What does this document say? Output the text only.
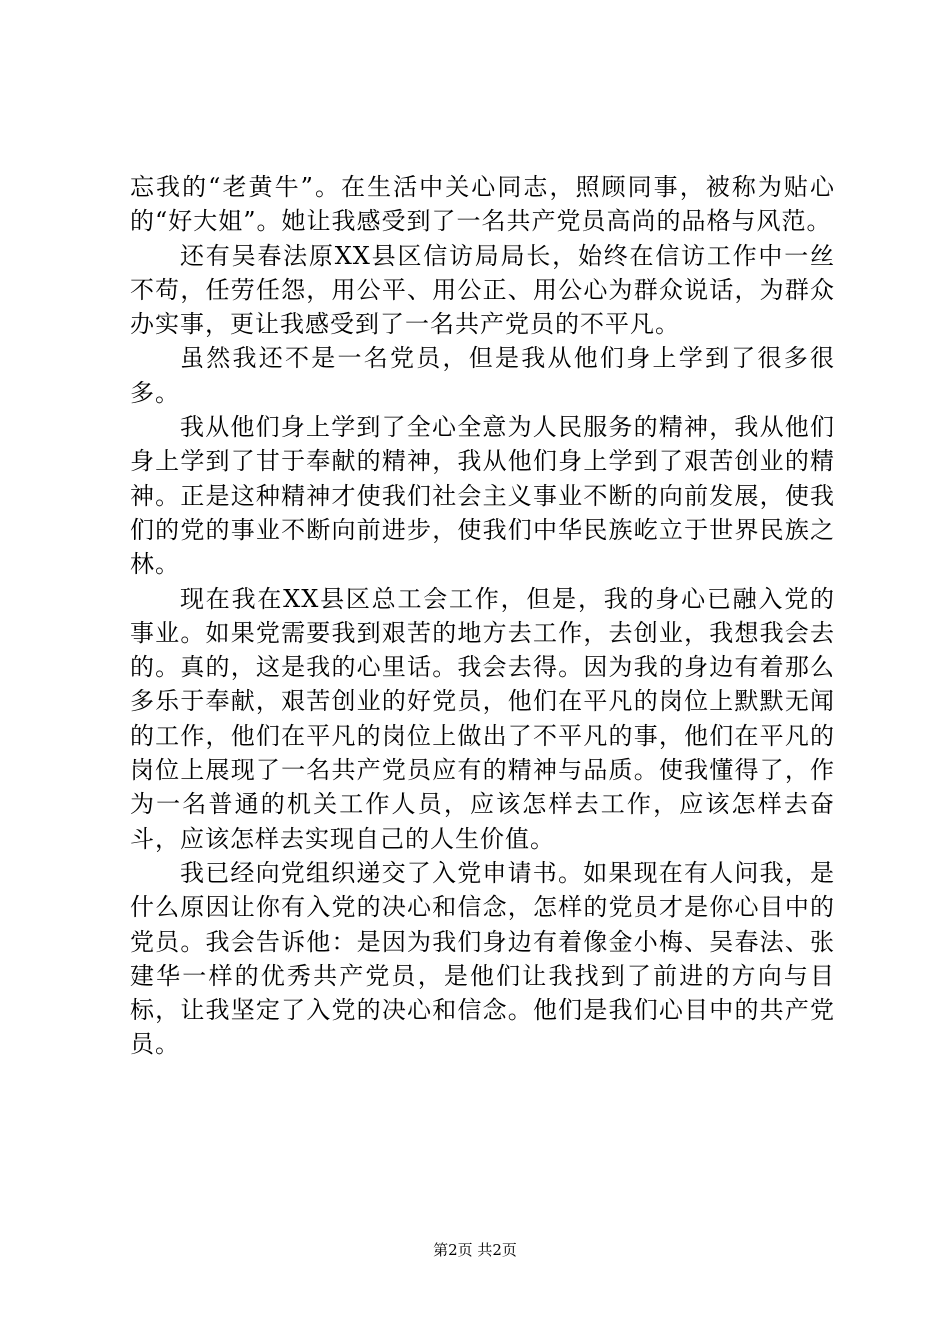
忘我的“老黄牛”。在生活中关心同志，照顾同事，被称为贴心的“好大姐”。她让我感受到了一名共产党员高尚的品格与风范。

还有吴春法原XX县区信访局局长，始终在信访工作中一丝不苟，任劳任怨，用公平、用公正、用公心为群众说话，为群众办实事，更让我感受到了一名共产党员的不平凡。

虽然我还不是一名党员，但是我从他们身上学到了很多很多。

我从他们身上学到了全心全意为人民服务的精神，我从他们身上学到了甘于奉献的精神，我从他们身上学到了艰苦创业的精神。正是这种精神才使我们社会主义事业不断的向前发展，使我们的党的事业不断向前进步，使我们中华民族屹立于世界民族之林。

现在我在XX县区总工会工作，但是，我的身心已融入党的事业。如果党需要我到艰苦的地方去工作，去创业，我想我会去的。真的，这是我的心里话。我会去得。因为我的身边有着那么多乐于奉献，艰苦创业的好党员，他们在平凡的岗位上默默无闻的工作，他们在平凡的岗位上做出了不平凡的事，他们在平凡的岗位上展现了一名共产党员应有的精神与品质。使我懂得了，作为一名普通的机关工作人员，应该怎样去工作，应该怎样去奋斗，应该怎样去实现自己的人生价值。

我已经向党组织递交了入党申请书。如果现在有人问我，是什么原因让你有入党的决心和信念，怎样的党员才是你心目中的党员。我会告诉他：是因为我们身边有着像金小梅、吴春法、张建华一样的优秀共产党员，是他们让我找到了前进的方向与目标，让我坚定了入党的决心和信念。他们是我们心目中的共产党员。

第2页 共2页
